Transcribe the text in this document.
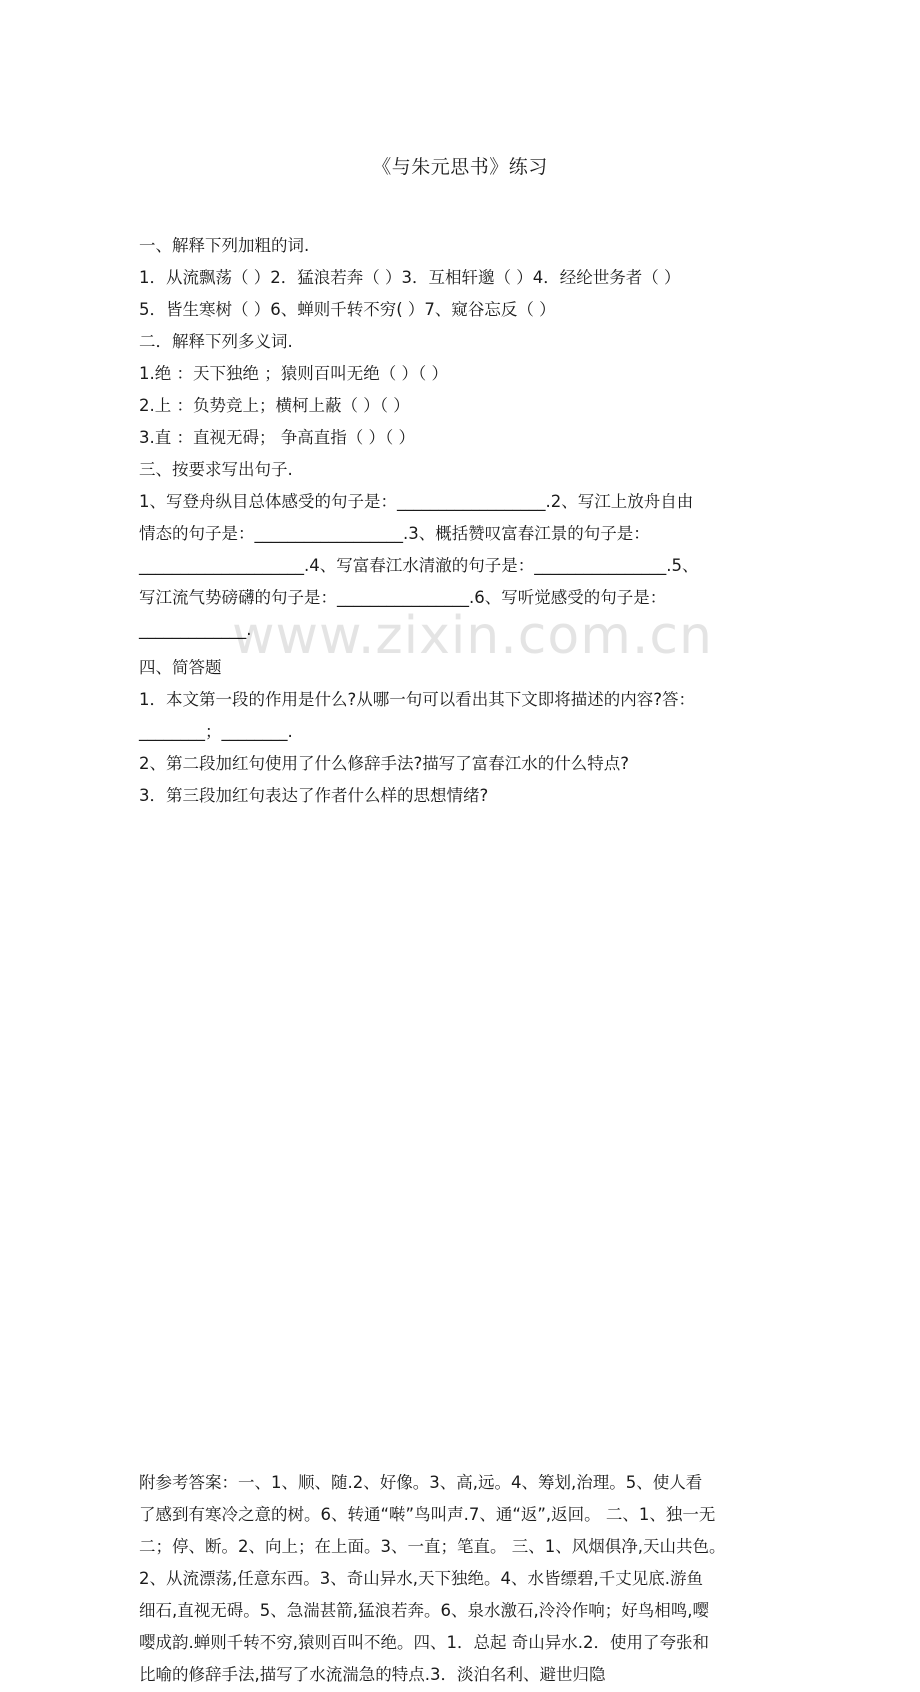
www.zixin.com.cn
《与朱元思书》练习
一、解释下列加粗的词.
1．从流飘荡（ ）2．猛浪若奔（ ）3．互相轩邈（ ）4．经纶世务者（ ）
5．皆生寒树（ ）6、蝉则千转不穷( ）7、窥谷忘反（ ）
二．解释下列多义词.
1.绝 ：天下独绝 ；猿则百叫无绝（ ）（ ）
2.上 ：负势竞上；横柯上蔽（ ）（ ）
3.直 ：直视无碍； 争高直指（ ）（ ）
三、按要求写出句子.
1、写登舟纵目总体感受的句子是：__________________.2、写江上放舟自由
情态的句子是：__________________.3、概括赞叹富春江景的句子是：
____________________.4、写富春江水清澈的句子是：________________.5、
写江流气势磅礴的句子是：________________.6、写听觉感受的句子是：
_____________.
四、简答题
1．本文第一段的作用是什么?从哪一句可以看出其下文即将描述的内容?答：
________；________.
2、第二段加红句使用了什么修辞手法?描写了富春江水的什么特点?
3．第三段加红句表达了作者什么样的思想情绪?
附参考答案：一、1、顺、随.2、好像。3、高,远。4、筹划,治理。5、使人看
了感到有寒冷之意的树。6、转通“啭”鸟叫声.7、通“返”,返回。 二、1、独一无
二；停、断。2、向上；在上面。3、一直；笔直。 三、1、风烟俱净,天山共色。
2、从流漂荡,任意东西。3、奇山异水,天下独绝。4、水皆缥碧,千丈见底.游鱼
细石,直视无碍。5、急湍甚箭,猛浪若奔。6、泉水激石,泠泠作响；好鸟相鸣,嘤
嘤成韵.蝉则千转不穷,猿则百叫不绝。四、1．总起 奇山异水.2．使用了夸张和
比喻的修辞手法,描写了水流湍急的特点.3．淡泊名利、避世归隐
